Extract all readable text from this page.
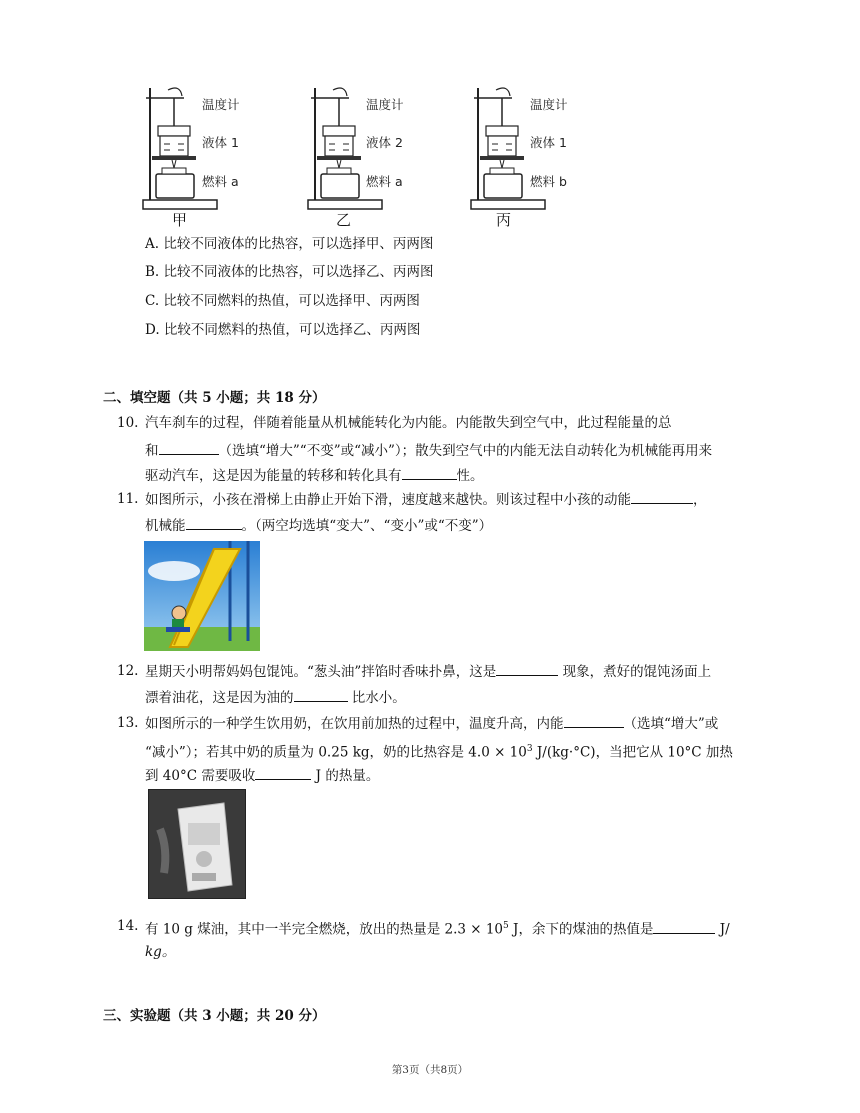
温度计
液体 1
燃料 a
甲
温度计
液体 2
燃料 a
乙
温度计
液体 1
燃料 b
丙
A. 比较不同液体的比热容，可以选择甲、丙两图
B. 比较不同液体的比热容，可以选择乙、丙两图
C. 比较不同燃料的热值，可以选择甲、丙两图
D. 比较不同燃料的热值，可以选择乙、丙两图
二、填空题（共 5 小题；共 18 分）
10. 汽车刹车的过程，伴随着能量从机械能转化为内能。内能散失到空气中，此过程能量的总
和	（选填“增大”“不变”或“减小”）；散失到空气中的内能无法自动转化为机械能再用来
驱动汽车，这是因为能量的转移和转化具有	性。
11. 如图所示，小孩在滑梯上由静止开始下滑，速度越来越快。则该过程中小孩的动能	，
机械能	。（两空均选填“变大”、“变小”或“不变”）
12. 星期天小明帮妈妈包馄饨。“葱头油”拌馅时香味扑鼻，这是	现象，煮好的馄饨汤面上
漂着油花，这是因为油的	比水小。
13. 如图所示的一种学生饮用奶，在饮用前加热的过程中，温度升高，内能	（选填“增大”或
“减小”）；若其中奶的质量为 0.25 kg，奶的比热容是 $4.0 \times 10^3$ J/(kg·°C)，当把它从 10°C 加热
到 40°C 需要吸收	J 的热量。
14. 有 10 g 煤油，其中一半完全燃烧，放出的热量是 $2.3 \times 10^5$ J，余下的煤油的热值是	J/
kg。
三、实验题（共 3 小题；共 20 分）
第3页（共8页）
